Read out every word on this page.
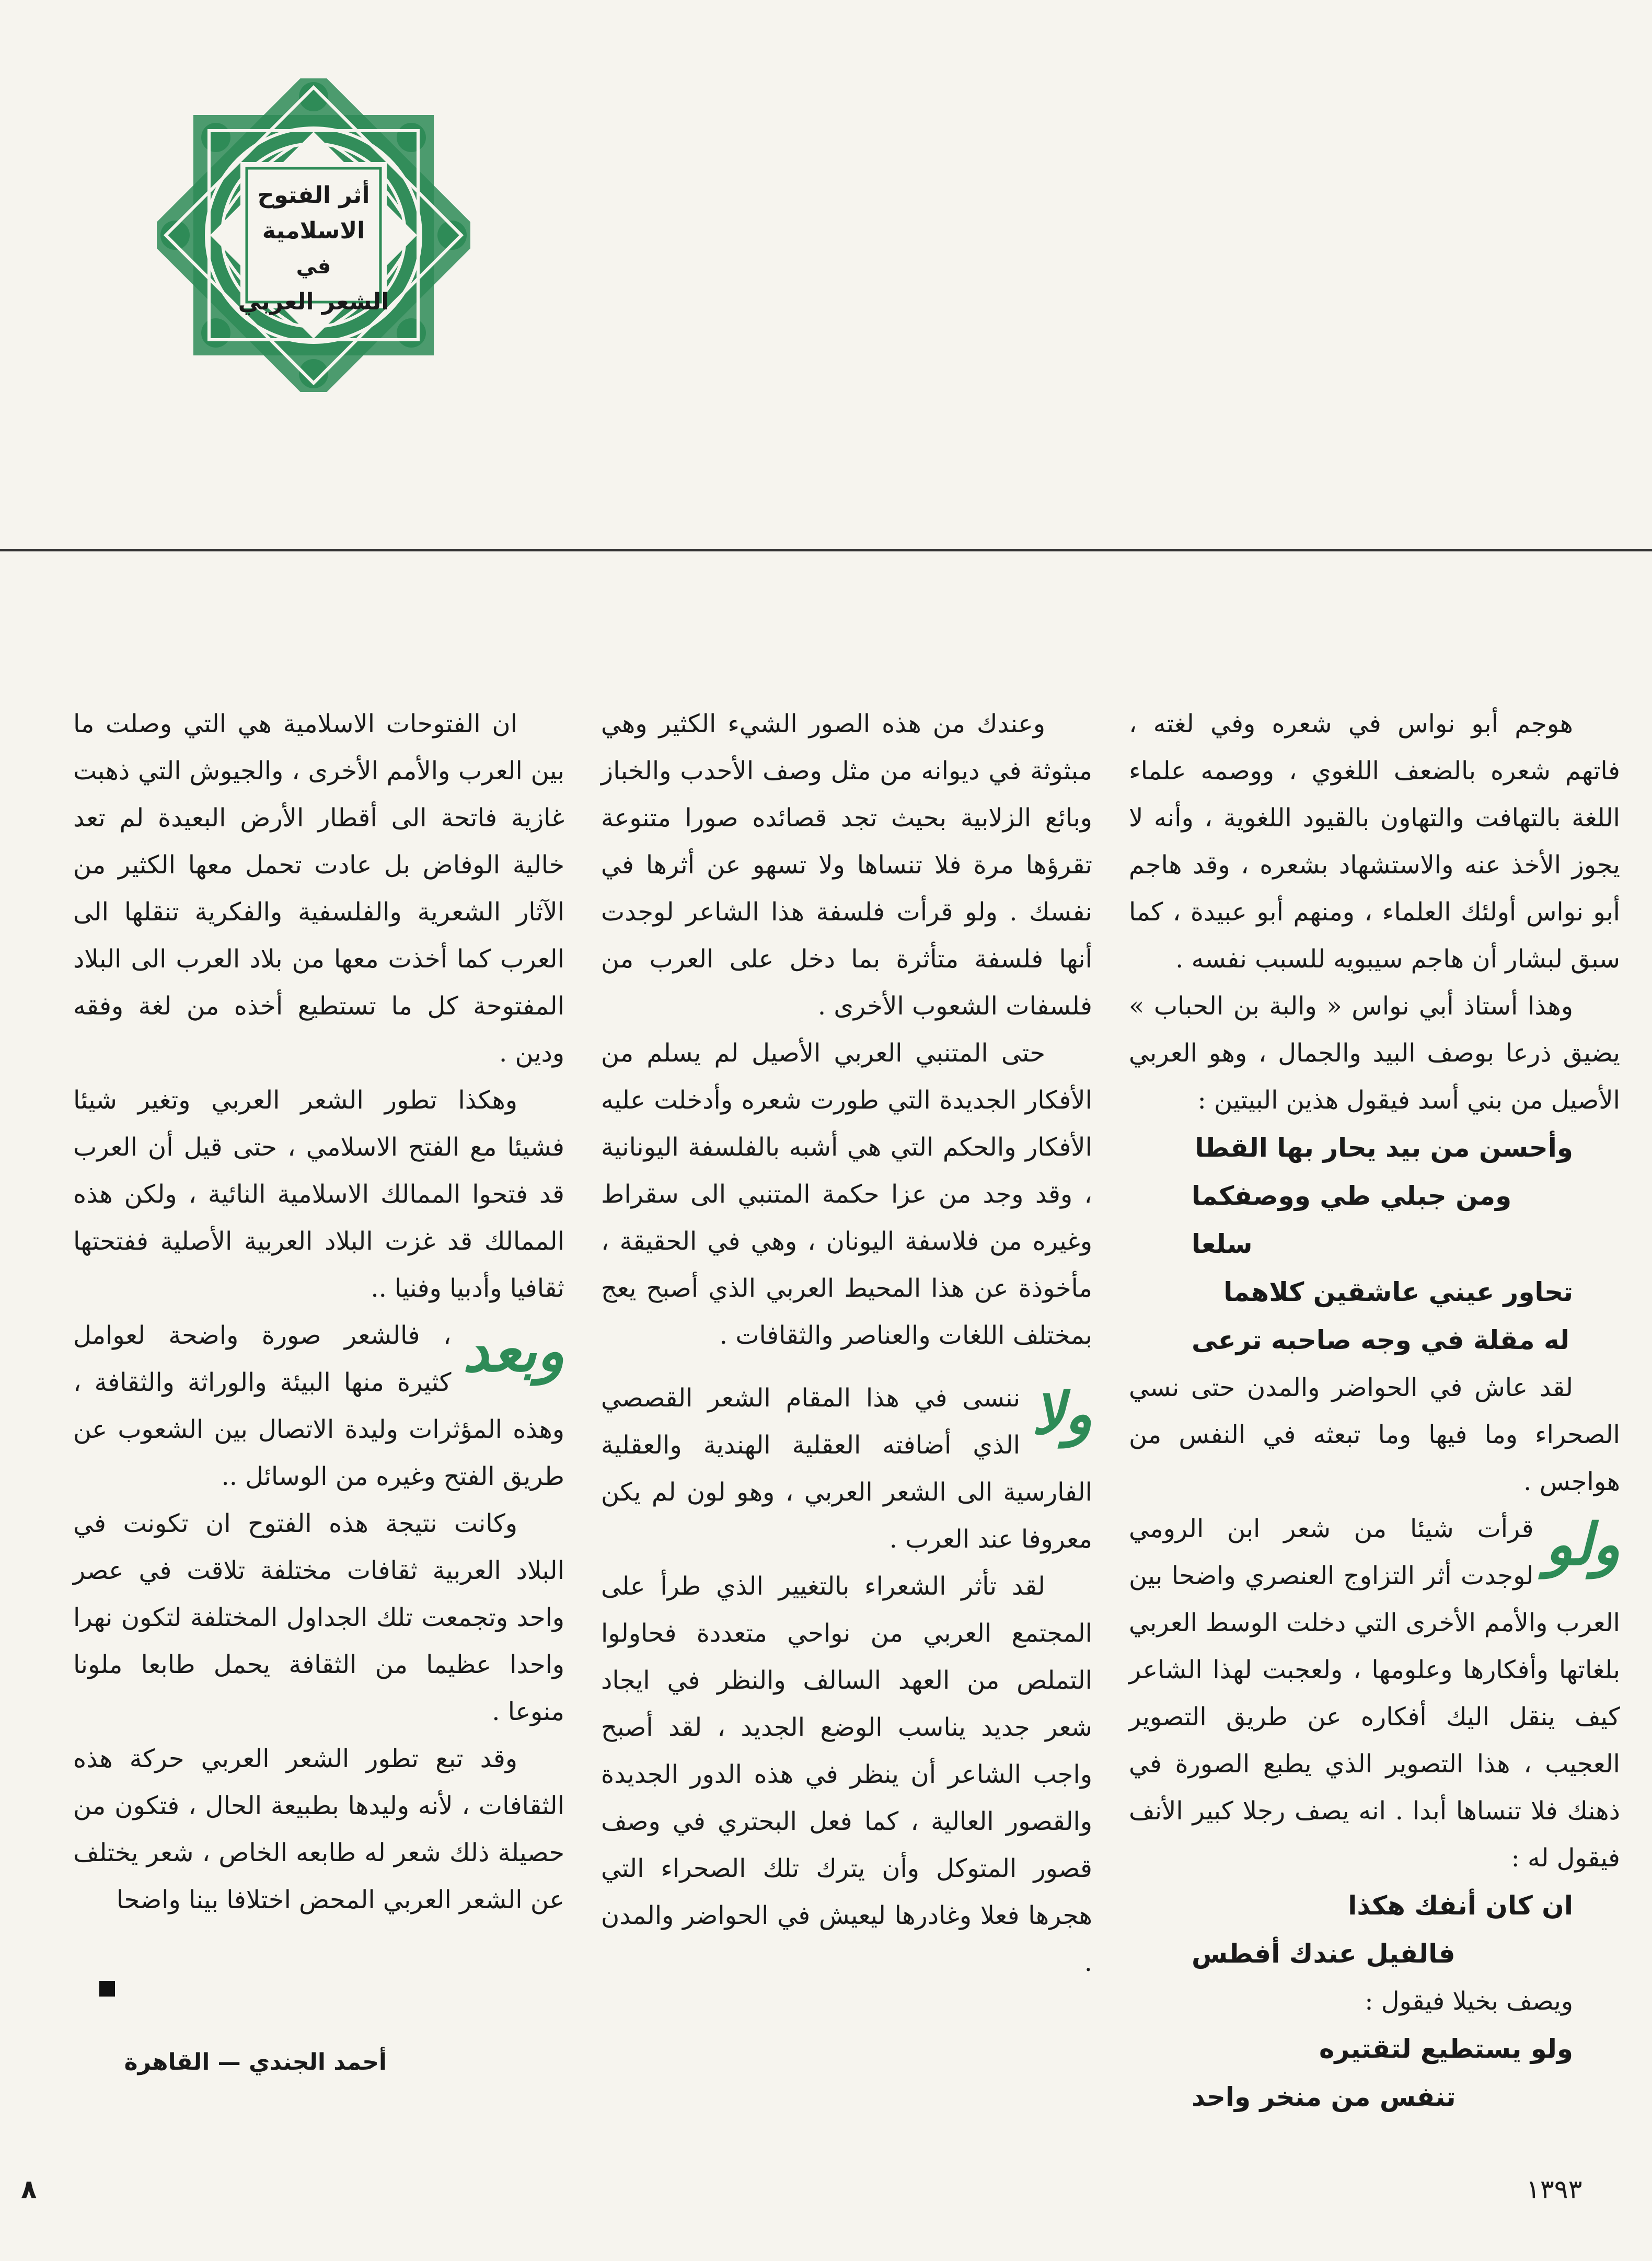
أثر الفتوح الاسلامية
في
الشعر العربي

هوجم أبو نواس في شعره وفي لغته ، فاتهم شعره بالضعف اللغوي ، ووصمه علماء اللغة بالتهافت والتهاون بالقيود اللغوية ، وأنه لا يجوز الأخذ عنه والاستشهاد بشعره ، وقد هاجم أبو نواس أولئك العلماء ، ومنهم أبو عبيدة ، كما سبق لبشار أن هاجم سيبويه للسبب نفسه .

وهذا أستاذ أبي نواس « والبة بن الحباب » يضيق ذرعا بوصف البيد والجمال ، وهو العربي الأصيل من بني أسد فيقول هذين البيتين :

وأحسن من بيد يحار بها القطا

ومن جبلي طي ووصفكما سلعا

تحاور عيني عاشقين كلاهما

له مقلة في وجه صاحبه ترعى

لقد عاش في الحواضر والمدن حتى نسي الصحراء وما فيها وما تبعثه في النفس من هواجس .

ولو
قرأت شيئا من شعر ابن الرومي لوجدت أثر التزاوج العنصري واضحا بين العرب والأمم الأخرى التي دخلت الوسط العربي بلغاتها وأفكارها وعلومها ، ولعجبت لهذا الشاعر كيف ينقل اليك أفكاره عن طريق التصوير العجيب ، هذا التصوير الذي يطبع الصورة في ذهنك فلا تنساها أبدا . انه يصف رجلا كبير الأنف فيقول له :

ان كان أنفك هكذا

فالفيل عندك أفطس

ويصف بخيلا فيقول :

ولو يستطيع لتقتيره

تنفس من منخر واحد

وعندك من هذه الصور الشيء الكثير وهي مبثوثة في ديوانه من مثل وصف الأحدب والخباز وبائع الزلابية بحيث تجد قصائده صورا متنوعة تقرؤها مرة فلا تنساها ولا تسهو عن أثرها في نفسك . ولو قرأت فلسفة هذا الشاعر لوجدت أنها فلسفة متأثرة بما دخل على العرب من فلسفات الشعوب الأخرى .

حتى المتنبي العربي الأصيل لم يسلم من الأفكار الجديدة التي طورت شعره وأدخلت عليه الأفكار والحكم التي هي أشبه بالفلسفة اليونانية ، وقد وجد من عزا حكمة المتنبي الى سقراط وغيره من فلاسفة اليونان ، وهي في الحقيقة ، مأخوذة عن هذا المحيط العربي الذي أصبح يعج بمختلف اللغات والعناصر والثقافات .

ولا
ننسى في هذا المقام الشعر القصصي الذي أضافته العقلية الهندية والعقلية الفارسية الى الشعر العربي ، وهو لون لم يكن معروفا عند العرب .

لقد تأثر الشعراء بالتغيير الذي طرأ على المجتمع العربي من نواحي متعددة فحاولوا التملص من العهد السالف والنظر في ايجاد شعر جديد يناسب الوضع الجديد ، لقد أصبح واجب الشاعر أن ينظر في هذه الدور الجديدة والقصور العالية ، كما فعل البحتري في وصف قصور المتوكل وأن يترك تلك الصحراء التي هجرها فعلا وغادرها ليعيش في الحواضر والمدن .

ان الفتوحات الاسلامية هي التي وصلت ما بين العرب والأمم الأخرى ، والجيوش التي ذهبت غازية فاتحة الى أقطار الأرض البعيدة لم تعد خالية الوفاض بل عادت تحمل معها الكثير من الآثار الشعرية والفلسفية والفكرية تنقلها الى العرب كما أخذت معها من بلاد العرب الى البلاد المفتوحة كل ما تستطيع أخذه من لغة وفقه ودين .

وهكذا تطور الشعر العربي وتغير شيئا فشيئا مع الفتح الاسلامي ، حتى قيل أن العرب قد فتحوا الممالك الاسلامية النائية ، ولكن هذه الممالك قد غزت البلاد العربية الأصلية ففتحتها ثقافيا وأدبيا وفنيا ..

وبعد
، فالشعر صورة واضحة لعوامل كثيرة منها البيئة والوراثة والثقافة ، وهذه المؤثرات وليدة الاتصال بين الشعوب عن طريق الفتح وغيره من الوسائل ..

وكانت نتيجة هذه الفتوح ان تكونت في البلاد العربية ثقافات مختلفة تلاقت في عصر واحد وتجمعت تلك الجداول المختلفة لتكون نهرا واحدا عظيما من الثقافة يحمل طابعا ملونا منوعا .

وقد تبع تطور الشعر العربي حركة هذه الثقافات ، لأنه وليدها بطبيعة الحال ، فتكون من حصيلة ذلك شعر له طابعه الخاص ، شعر يختلف عن الشعر العربي المحض اختلافا بينا واضحا

أحمد الجندي — القاهرة
٨	١٣٩٣
